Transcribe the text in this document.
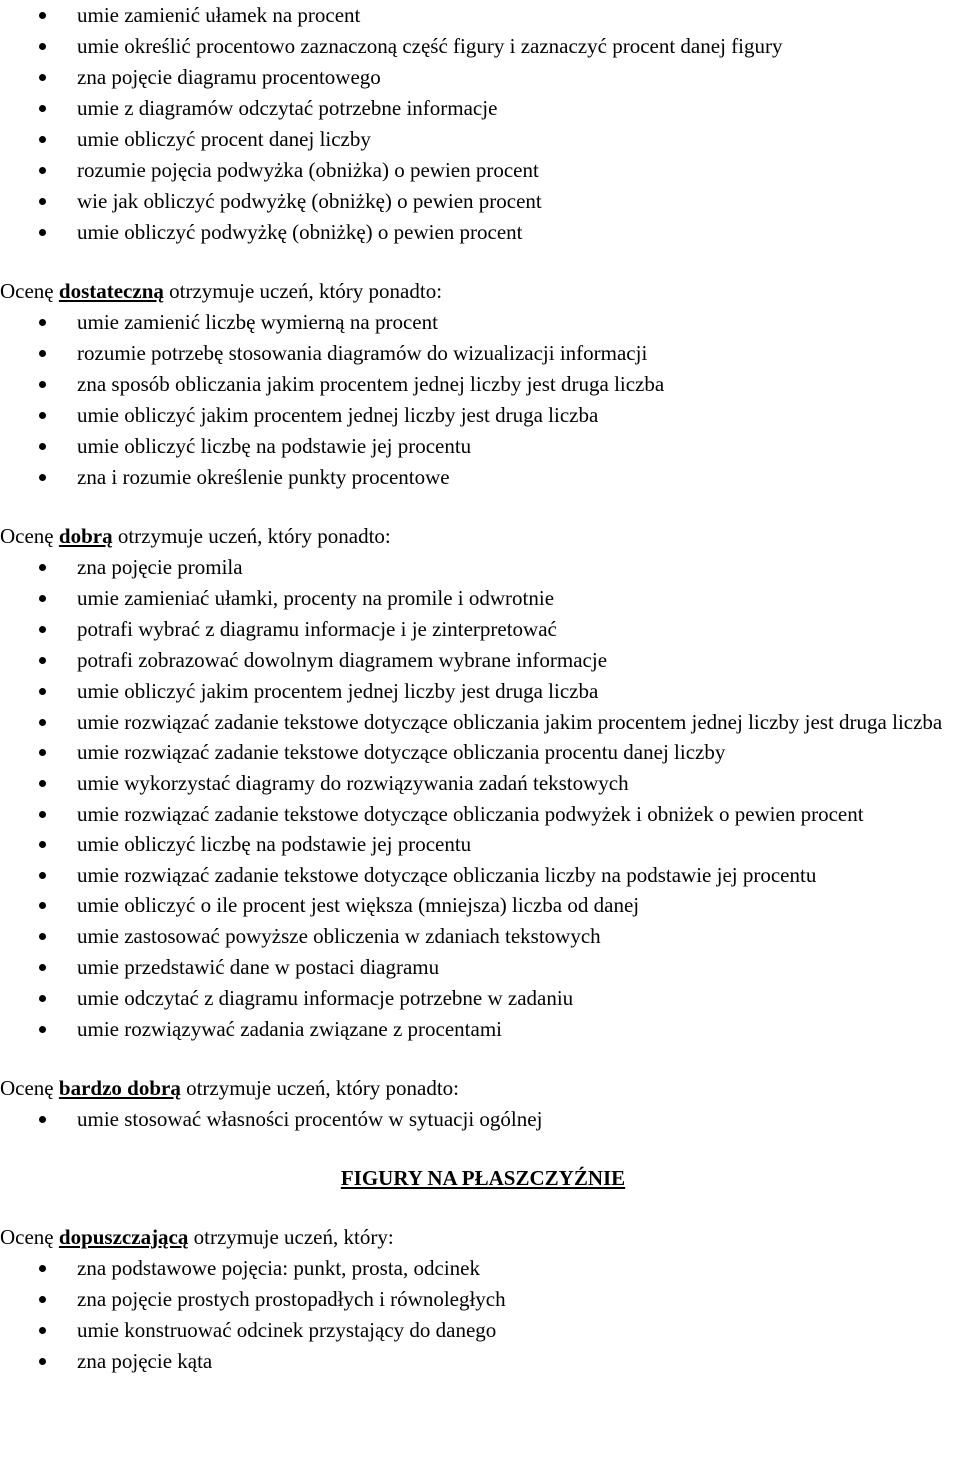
umie zamienić ułamek na procent
umie określić procentowo zaznaczoną część figury i zaznaczyć procent danej figury
zna pojęcie diagramu procentowego
umie z diagramów odczytać potrzebne informacje
umie obliczyć procent danej liczby
rozumie pojęcia podwyżka (obniżka) o pewien procent
wie jak obliczyć podwyżkę (obniżkę) o pewien procent
umie obliczyć podwyżkę (obniżkę) o pewien procent
Ocenę dostateczną otrzymuje uczeń, który ponadto:
umie zamienić liczbę wymierną na procent
rozumie potrzebę stosowania diagramów do wizualizacji informacji
zna sposób obliczania jakim procentem jednej liczby jest druga liczba
umie obliczyć jakim procentem jednej liczby jest druga liczba
umie obliczyć liczbę na podstawie jej procentu
zna i rozumie określenie punkty procentowe
Ocenę dobrą otrzymuje uczeń, który ponadto:
zna pojęcie promila
umie zamieniać ułamki, procenty na promile i odwrotnie
potrafi wybrać z diagramu informacje i je zinterpretować
potrafi zobrazować dowolnym diagramem wybrane informacje
umie obliczyć jakim procentem jednej liczby jest druga liczba
umie rozwiązać zadanie tekstowe dotyczące obliczania jakim procentem jednej liczby jest druga liczba
umie rozwiązać zadanie tekstowe dotyczące obliczania procentu danej liczby
umie wykorzystać diagramy do rozwiązywania zadań tekstowych
umie rozwiązać zadanie tekstowe dotyczące obliczania podwyżek i obniżek o pewien procent
umie obliczyć liczbę na podstawie jej procentu
umie rozwiązać zadanie tekstowe dotyczące obliczania liczby na podstawie jej procentu
umie obliczyć o ile procent jest większa (mniejsza) liczba od danej
umie zastosować powyższe obliczenia w zdaniach tekstowych
umie przedstawić dane w postaci diagramu
umie odczytać z diagramu informacje potrzebne w zadaniu
umie rozwiązywać zadania związane z procentami
Ocenę bardzo dobrą otrzymuje uczeń, który ponadto:
umie stosować własności procentów w sytuacji ogólnej
FIGURY NA PŁASZCZYŹNIE
Ocenę dopuszczającą otrzymuje uczeń, który:
zna podstawowe pojęcia: punkt, prosta, odcinek
zna pojęcie prostych prostopadłych i równoległych
umie konstruować odcinek przystający do danego
zna pojęcie kąta
